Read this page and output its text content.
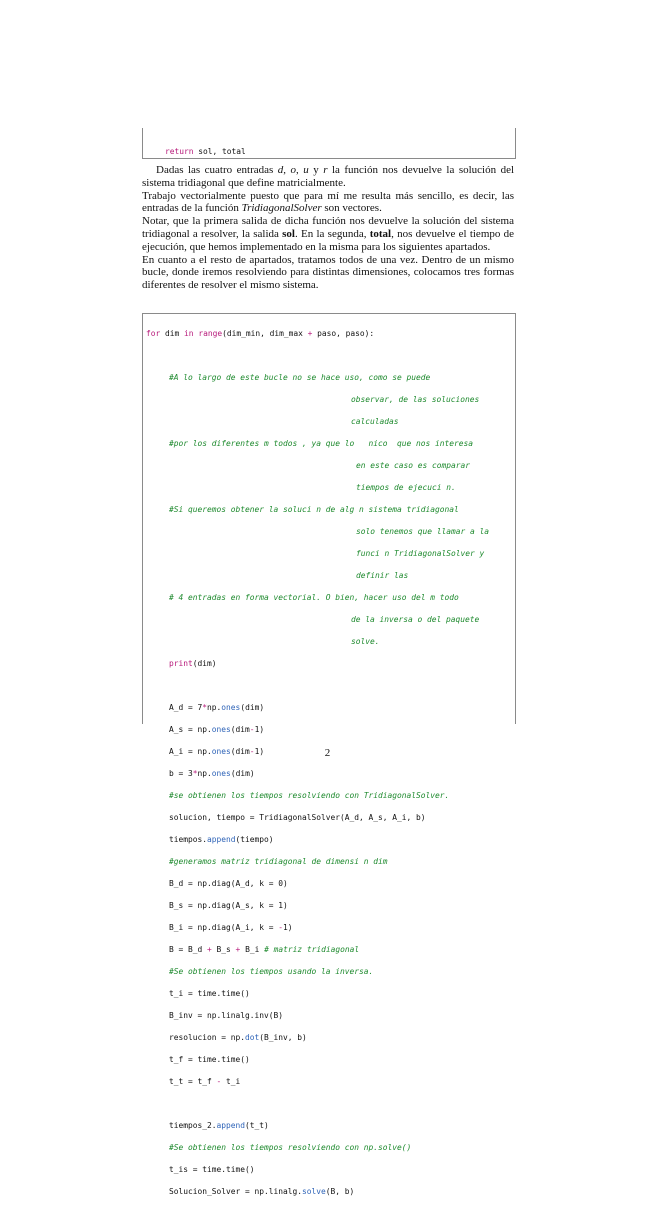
return sol, total

Dadas las cuatro entradas d, o, u y r la función nos devuelve la solución del sistema tridiagonal que define matricialmente.

Trabajo vectorialmente puesto que para mí me resulta más sencillo, es decir, las entradas de la función TridiagonalSolver son vectores.

Notar, que la primera salida de dicha función nos devuelve la solución del sistema tridiagonal a resolver, la salida sol. En la segunda, total, nos devuelve el tiempo de ejecución, que hemos implementado en la misma para los siguientes apartados.

En cuanto a el resto de apartados, tratamos todos de una vez. Dentro de un mismo bucle, donde iremos resolviendo para distintas dimensiones, colocamos tres formas diferentes de resolver el mismo sistema.

for dim in range(dim_min, dim_max + paso, paso):

#A lo largo de este bucle no se hace uso, como se puede

observar, de las soluciones

calculadas

#por los diferentes m todos , ya que lo   nico  que nos interesa

en este caso es comparar

tiempos de ejecuci n.

#Si queremos obtener la soluci n de alg n sistema tridiagonal

solo tenemos que llamar a la

funci n TridiagonalSolver y

definir las

# 4 entradas en forma vectorial. O bien, hacer uso del m todo

de la inversa o del paquete

solve.

print(dim)

A_d = 7*np.ones(dim)

A_s = np.ones(dim-1)

A_i = np.ones(dim-1)

b = 3*np.ones(dim)

#se obtienen los tiempos resolviendo con TridiagonalSolver.

solucion, tiempo = TridiagonalSolver(A_d, A_s, A_i, b)

tiempos.append(tiempo)

#generamos matriz tridiagonal de dimensi n dim

B_d = np.diag(A_d, k = 0)

B_s = np.diag(A_s, k = 1)

B_i = np.diag(A_i, k = -1)

B = B_d + B_s + B_i # matriz tridiagonal

#Se obtienen los tiempos usando la inversa.

t_i = time.time()

B_inv = np.linalg.inv(B)

resolucion = np.dot(B_inv, b)

t_f = time.time()

t_t = t_f - t_i

tiempos_2.append(t_t)

#Se obtienen los tiempos resolviendo con np.solve()

t_is = time.time()

Solucion_Solver = np.linalg.solve(B, b)

2
